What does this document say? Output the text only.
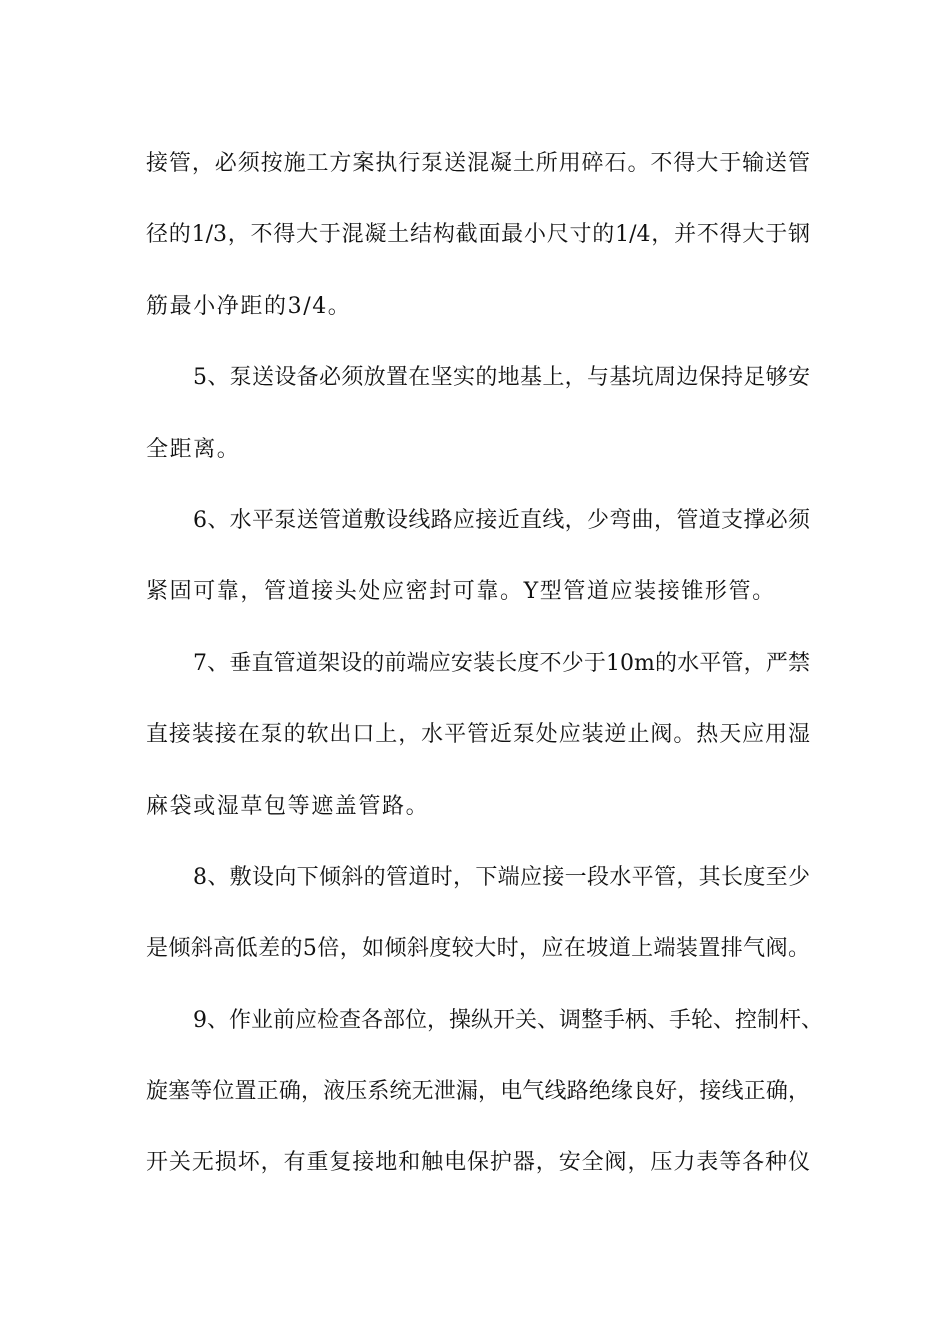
接管，必须按施工方案执行泵送混凝土所用碎石。不得大于输送管
径的1/3，不得大于混凝土结构截面最小尺寸的1/4，并不得大于钢
筋最小净距的3/4。
5、泵送设备必须放置在坚实的地基上，与基坑周边保持足够安
全距离。
6、水平泵送管道敷设线路应接近直线，少弯曲，管道支撑必须
紧固可靠，管道接头处应密封可靠。Y型管道应装接锥形管。
7、垂直管道架设的前端应安装长度不少于10m的水平管，严禁
直接装接在泵的软出口上，水平管近泵处应装逆止阀。热天应用湿
麻袋或湿草包等遮盖管路。
8、敷设向下倾斜的管道时，下端应接一段水平管，其长度至少
是倾斜高低差的5倍，如倾斜度较大时，应在坡道上端装置排气阀。
9、作业前应检查各部位，操纵开关、调整手柄、手轮、控制杆、
旋塞等位置正确，液压系统无泄漏，电气线路绝缘良好，接线正确，
开关无损坏，有重复接地和触电保护器，安全阀，压力表等各种仪
